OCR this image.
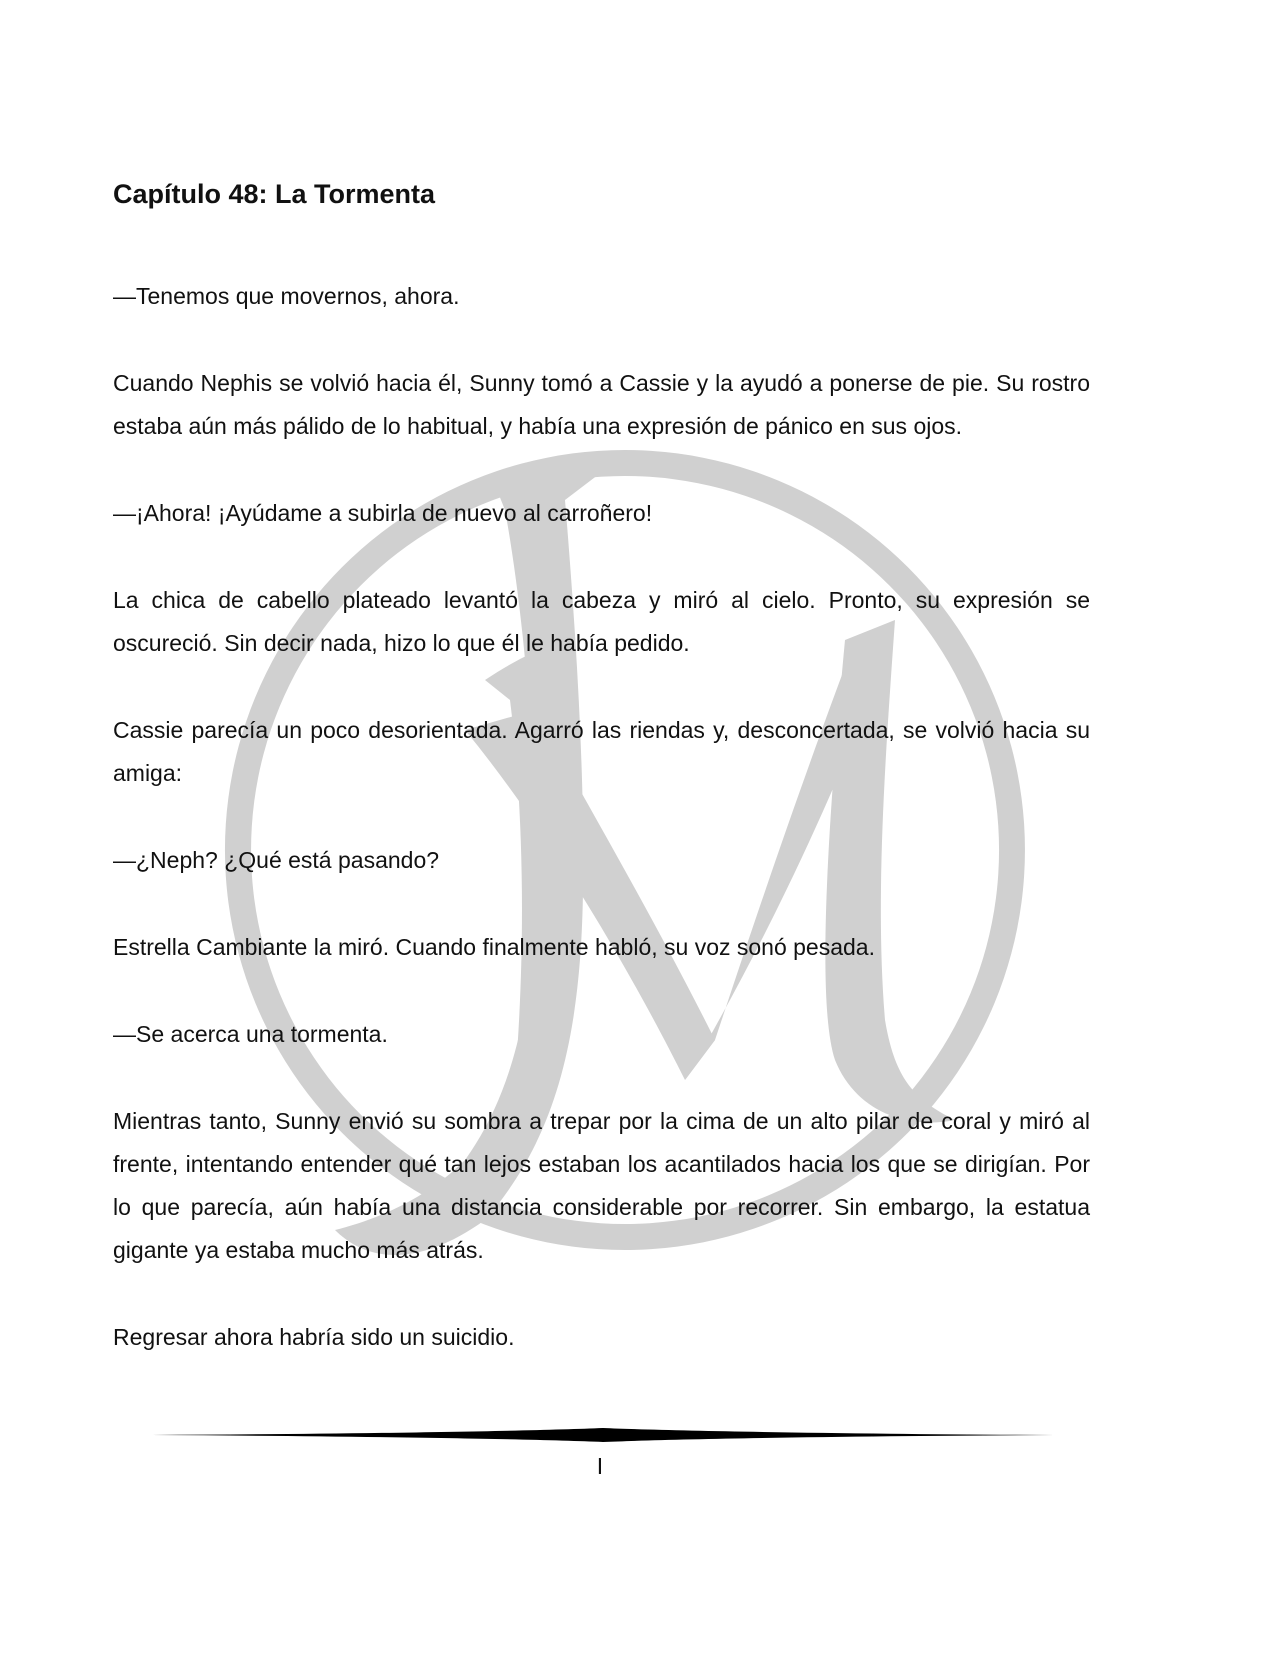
Capítulo 48: La Tormenta

—Tenemos que movernos, ahora.

Cuando Nephis se volvió hacia él, Sunny tomó a Cassie y la ayudó a ponerse de pie. Su rostro estaba aún más pálido de lo habitual, y había una expresión de pánico en sus ojos.

—¡Ahora! ¡Ayúdame a subirla de nuevo al carroñero!

La chica de cabello plateado levantó la cabeza y miró al cielo. Pronto, su expresión se oscureció. Sin decir nada, hizo lo que él le había pedido.

Cassie parecía un poco desorientada. Agarró las riendas y, desconcertada, se volvió hacia su amiga:

—¿Neph? ¿Qué está pasando?

Estrella Cambiante la miró. Cuando finalmente habló, su voz sonó pesada.

—Se acerca una tormenta.

Mientras tanto, Sunny envió su sombra a trepar por la cima de un alto pilar de coral y miró al frente, intentando entender qué tan lejos estaban los acantilados hacia los que se dirigían. Por lo que parecía, aún había una distancia considerable por recorrer. Sin embargo, la estatua gigante ya estaba mucho más atrás.

Regresar ahora habría sido un suicidio.

I
